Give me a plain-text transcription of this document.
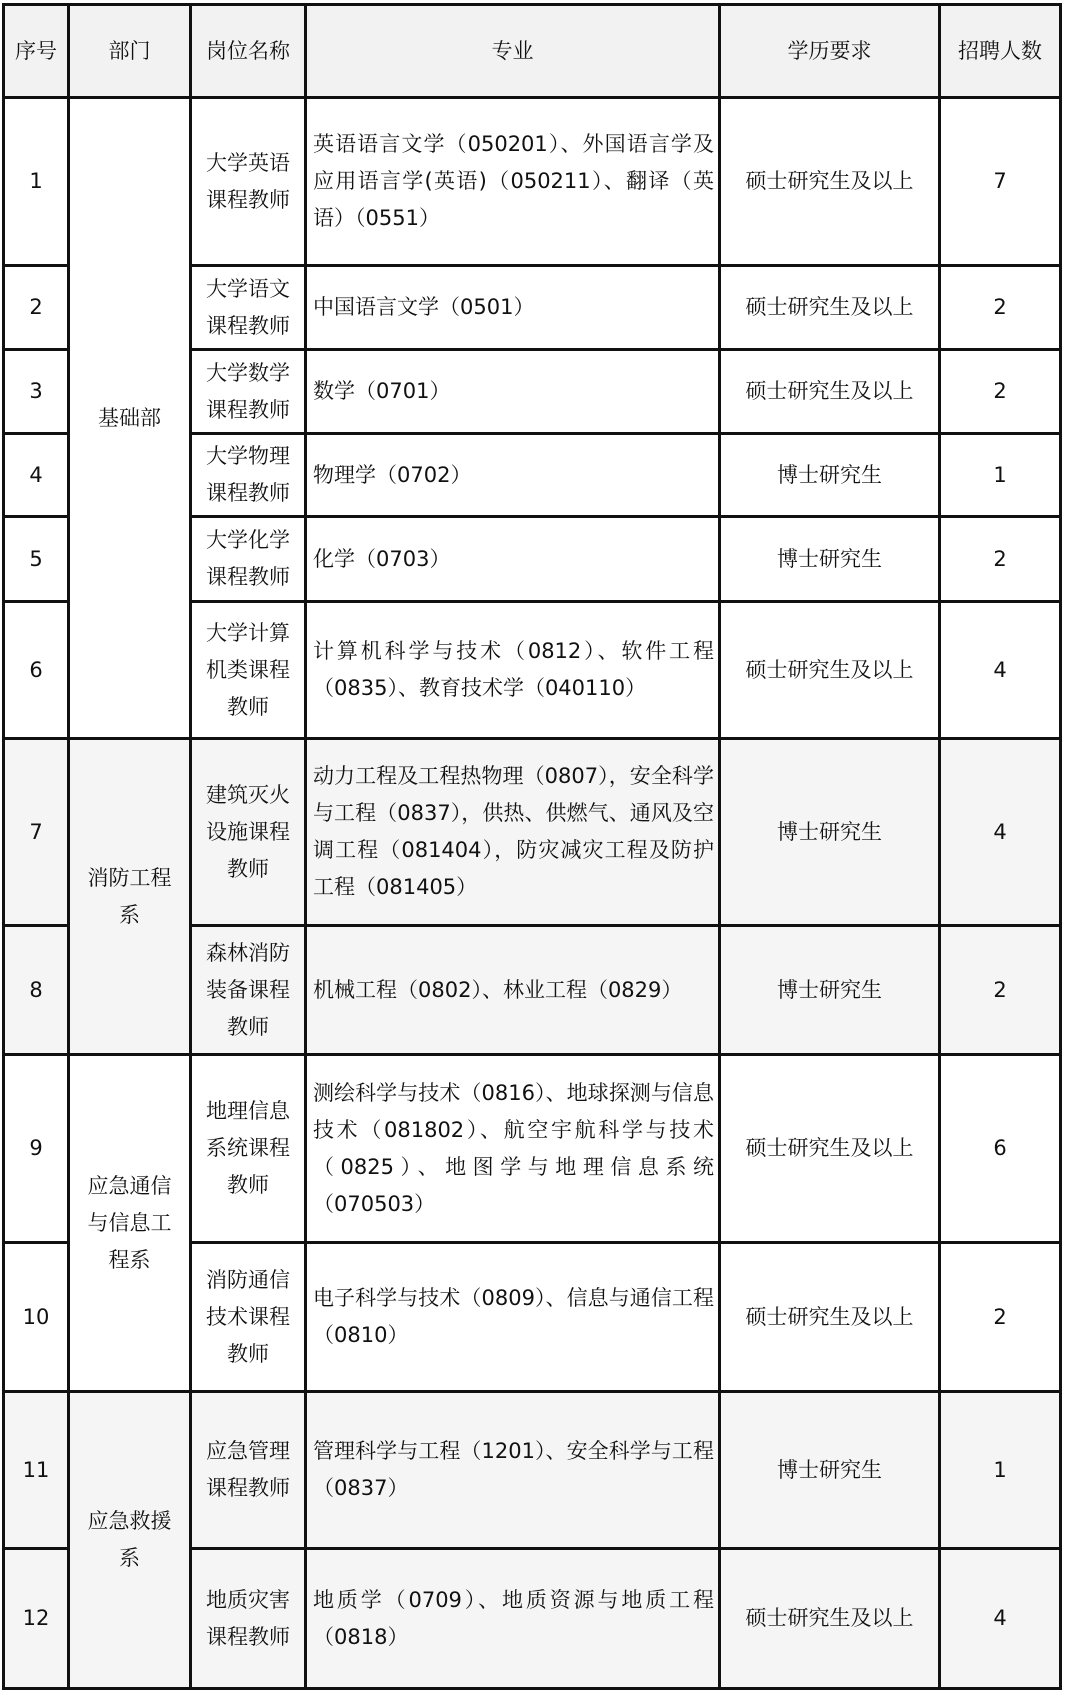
序号	部门	岗位名称	专业	学历要求	招聘人数
1	基础部	大学英语课程教师	英语语言文学（050201）、外国语言学及应用语言学(英语)（050211）、翻译（英语）（0551）	硕士研究生及以上	7
2		大学语文课程教师	中国语言文学（0501）	硕士研究生及以上	2
3		大学数学课程教师	数学（0701）	硕士研究生及以上	2
4		大学物理课程教师	物理学（0702）	博士研究生	1
5		大学化学课程教师	化学（0703）	博士研究生	2
6		大学计算机类课程教师	计算机科学与技术（0812）、软件工程（0835）、教育技术学（040110）	硕士研究生及以上	4
7	消防工程系	建筑灭火设施课程教师	动力工程及工程热物理（0807），安全科学与工程（0837），供热、供燃气、通风及空调工程（081404），防灾减灾工程及防护工程（081405）	博士研究生	4
8		森林消防装备课程教师	机械工程（0802）、林业工程（0829）	博士研究生	2
9	应急通信与信息工程系	地理信息系统课程教师	测绘科学与技术（0816）、地球探测与信息技术（081802）、航空宇航科学与技术（0825）、地图学与地理信息系统（070503）	硕士研究生及以上	6
10		消防通信技术课程教师	电子科学与技术（0809）、信息与通信工程（0810）	硕士研究生及以上	2
11	应急救援系	应急管理课程教师	管理科学与工程（1201）、安全科学与工程（0837）	博士研究生	1
12		地质灾害课程教师	地质学（0709）、地质资源与地质工程（0818）	硕士研究生及以上	4
